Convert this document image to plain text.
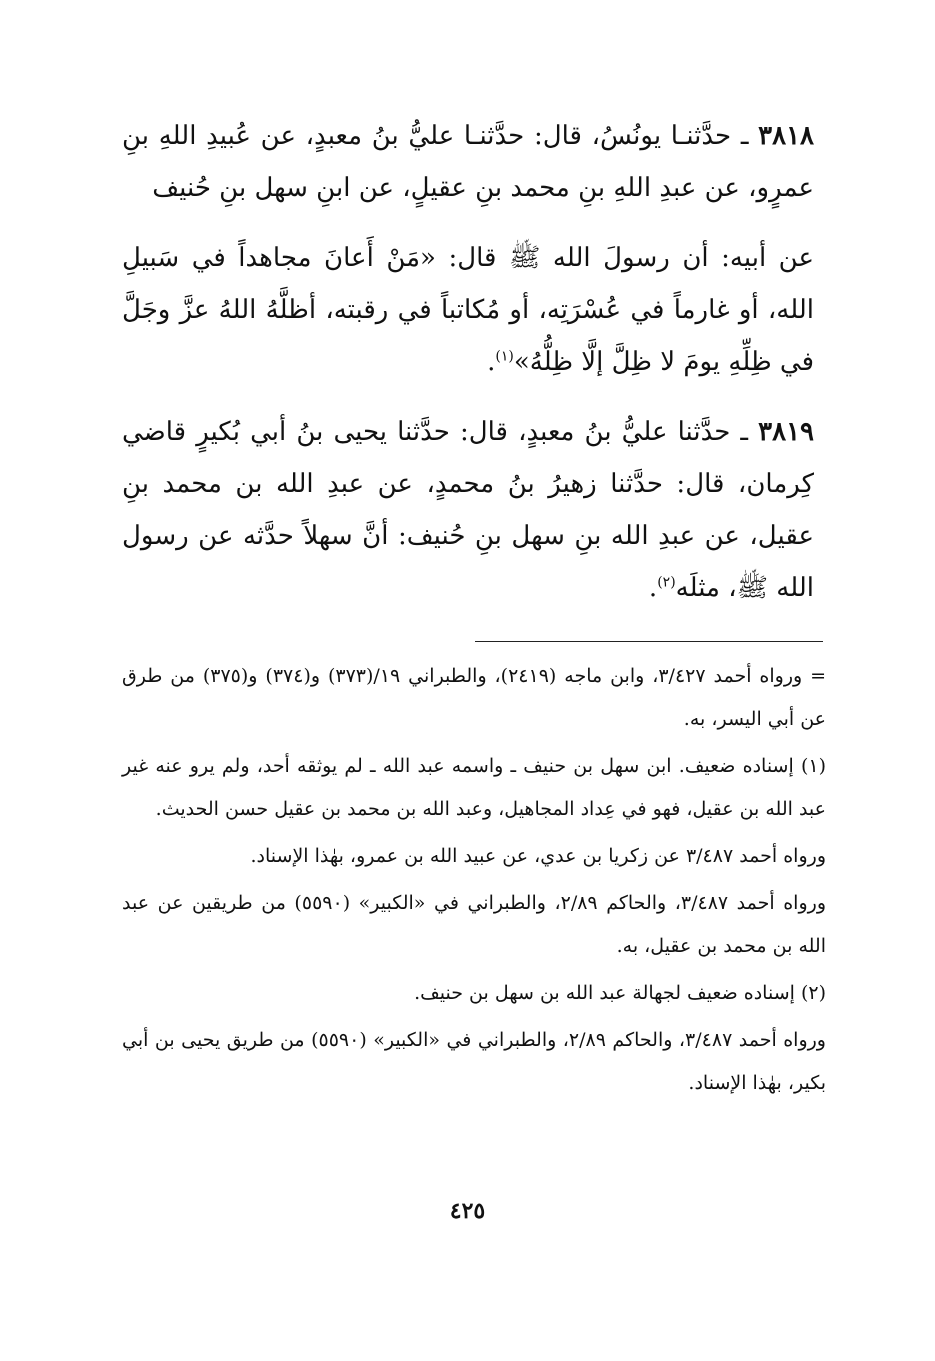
٣٨١٨ ـ حدَّثنـا يونُسُ، قال: حدَّثنـا عليُّ بنُ معبدٍ، عن عُبيدِ اللهِ بنِ عمرٍو، عن عبدِ اللهِ بنِ محمد بنِ عقيلٍ، عن ابنِ سهل بنِ حُنيف

عن أبيه: أن رسولَ الله ﷺ قال: «مَنْ أَعانَ مجاهداً في سَبيلِ الله، أو غارماً في عُسْرَتِه، أو مُكاتباً في رقبته، أظلَّهُ اللهُ عزَّ وجَلَّ في ظِلِّهِ يومَ لا ظِلَّ إلَّا ظِلُّهُ»$^{(١)}$.

٣٨١٩ ـ حدَّثنا عليُّ بنُ معبدٍ، قال: حدَّثنا يحيى بنُ أبي بُكيرٍ قاضي كِرمان، قال: حدَّثنا زهيرُ بنُ محمدٍ، عن عبدِ الله بن محمد بنِ عقيل، عن عبدِ الله بنِ سهل بنِ حُنيف: أنَّ سهلاً حدَّثه عن رسول الله ﷺ، مثلَه$^{(٢)}$.

= ورواه أحمد ٣/٤٢٧، وابن ماجه (٢٤١٩)، والطبراني ١٩/(٣٧٣) و(٣٧٤) و(٣٧٥) من طرق عن أبي اليسر، به.

(١) إسناده ضعيف. ابن سهل بن حنيف ـ واسمه عبد الله ـ لم يوثقه أحد، ولم يرو عنه غير عبد الله بن عقيل، فهو في عِداد المجاهيل، وعبد الله بن محمد بن عقيل حسن الحديث.

ورواه أحمد ٣/٤٨٧ عن زكريا بن عدي، عن عبيد الله بن عمرو، بهٰذا الإسناد.

ورواه أحمد ٣/٤٨٧، والحاكم ٢/٨٩، والطبراني في «الكبير» (٥٥٩٠) من طريقين عن عبد الله بن محمد بن عقيل، به.

(٢) إسناده ضعيف لجهالة عبد الله بن سهل بن حنيف.

ورواه أحمد ٣/٤٨٧، والحاكم ٢/٨٩، والطبراني في «الكبير» (٥٥٩٠) من طريق يحيى بن أبي بكير، بهٰذا الإسناد.

٤٢٥
